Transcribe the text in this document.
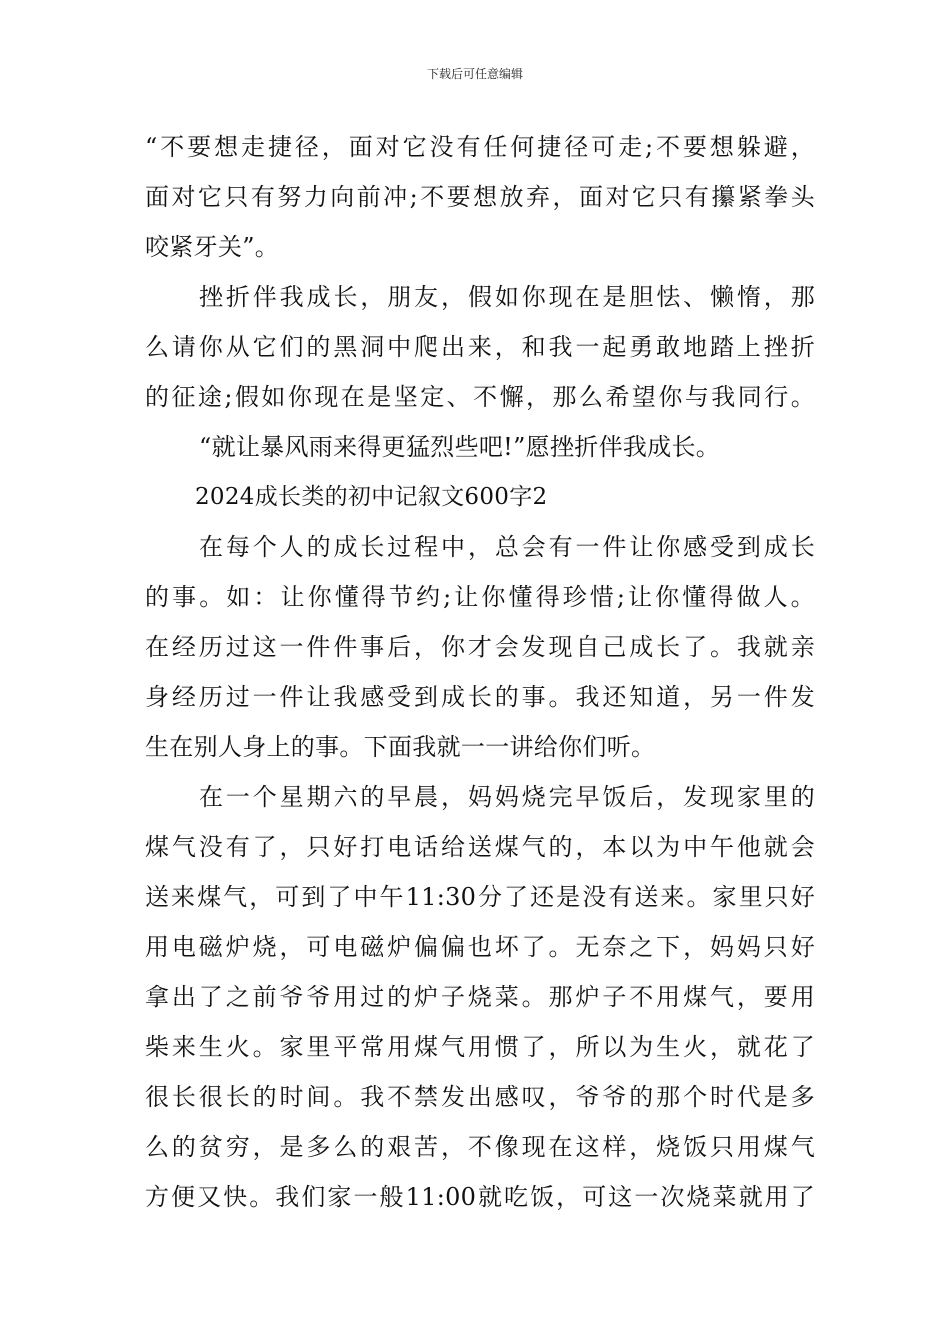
下载后可任意编辑
“不要想走捷径，面对它没有任何捷径可走;不要想躲避，
面对它只有努力向前冲;不要想放弃，面对它只有攥紧拳头
咬紧牙关”。
挫折伴我成长，朋友，假如你现在是胆怯、懒惰，那
么请你从它们的黑洞中爬出来，和我一起勇敢地踏上挫折
的征途;假如你现在是坚定、不懈，那么希望你与我同行。
“就让暴风雨来得更猛烈些吧!”愿挫折伴我成长。
2024成长类的初中记叙文600字2
在每个人的成长过程中，总会有一件让你感受到成长
的事。如：让你懂得节约;让你懂得珍惜;让你懂得做人。
在经历过这一件件事后，你才会发现自己成长了。我就亲
身经历过一件让我感受到成长的事。我还知道，另一件发
生在别人身上的事。下面我就一一讲给你们听。
在一个星期六的早晨，妈妈烧完早饭后，发现家里的
煤气没有了，只好打电话给送煤气的，本以为中午他就会
送来煤气，可到了中午11:30分了还是没有送来。家里只好
用电磁炉烧，可电磁炉偏偏也坏了。无奈之下，妈妈只好
拿出了之前爷爷用过的炉子烧菜。那炉子不用煤气，要用
柴来生火。家里平常用煤气用惯了，所以为生火，就花了
很长很长的时间。我不禁发出感叹，爷爷的那个时代是多
么的贫穷，是多么的艰苦，不像现在这样，烧饭只用煤气
方便又快。我们家一般11:00就吃饭，可这一次烧菜就用了
